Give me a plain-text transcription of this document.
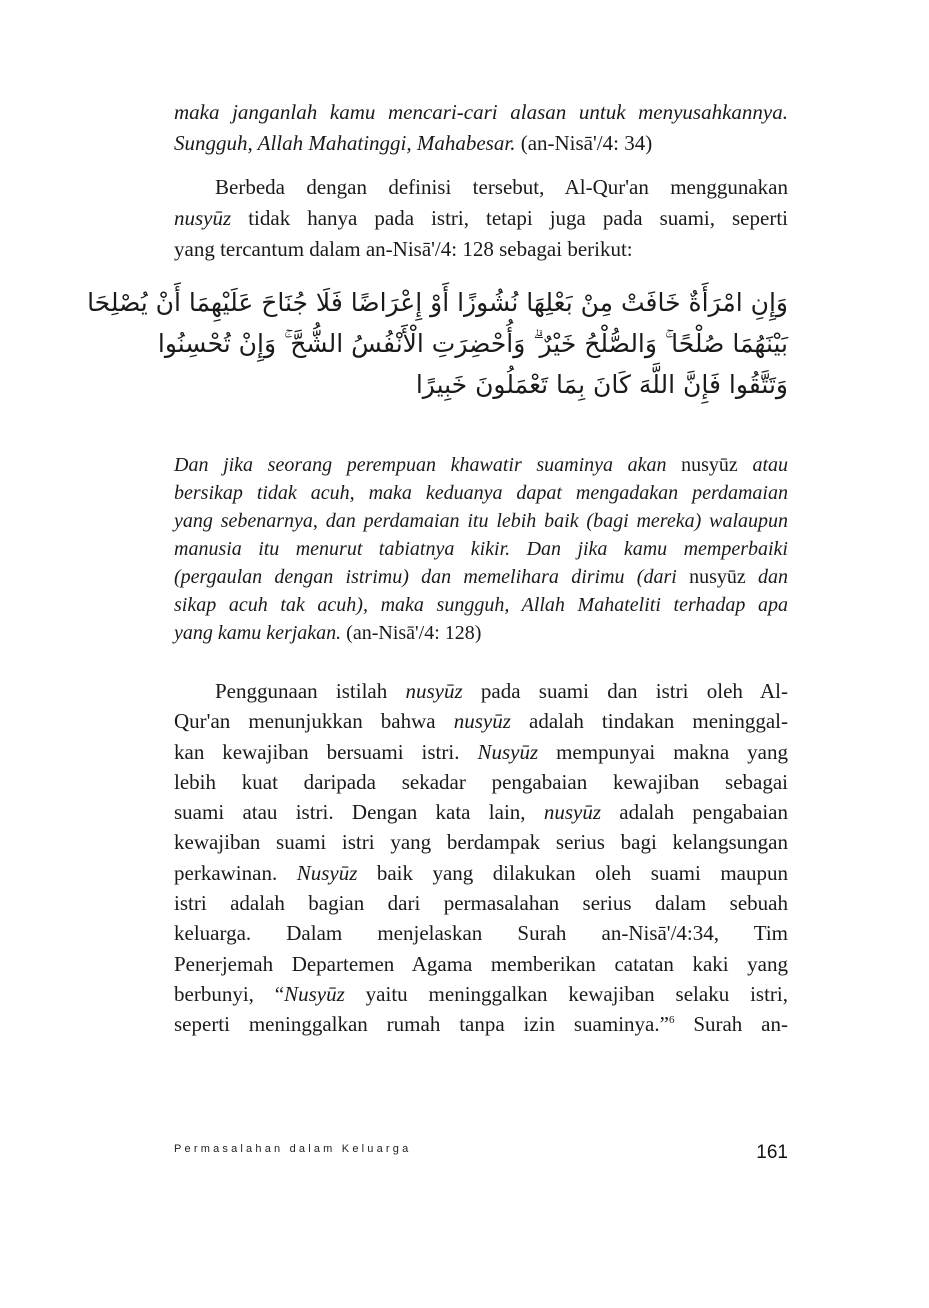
maka janganlah kamu mencari-cari alasan untuk menyusahkannya.
Sungguh, Allah Mahatinggi, Mahabesar. (an-Nisā'/4: 34)
Berbeda dengan definisi tersebut, Al-Qur'an menggunakan
nusyūz tidak hanya pada istri, tetapi juga pada suami, seperti
yang tercantum dalam an-Nisā'/4: 128 sebagai berikut:
وَإِنِ امْرَأَةٌ خَافَتْ مِنْ بَعْلِهَا نُشُوزًا أَوْ إِعْرَاضًا فَلَا جُنَاحَ عَلَيْهِمَا أَنْ يُصْلِحَا
بَيْنَهُمَا صُلْحًا ۚ وَالصُّلْحُ خَيْرٌ ۗ وَأُحْضِرَتِ الْأَنْفُسُ الشُّحَّ ۚ وَإِنْ تُحْسِنُوا
وَتَتَّقُوا فَإِنَّ اللَّهَ كَانَ بِمَا تَعْمَلُونَ خَبِيرًا
Dan jika seorang perempuan khawatir suaminya akan nusyūz atau
bersikap tidak acuh, maka keduanya dapat mengadakan perdamaian
yang sebenarnya, dan perdamaian itu lebih baik (bagi mereka) walaupun
manusia itu menurut tabiatnya kikir. Dan jika kamu memperbaiki
(pergaulan dengan istrimu) dan memelihara dirimu (dari nusyūz dan
sikap acuh tak acuh), maka sungguh, Allah Mahateliti terhadap apa
yang kamu kerjakan. (an-Nisā'/4: 128)
Penggunaan istilah nusyūz pada suami dan istri oleh Al-
Qur'an menunjukkan bahwa nusyūz adalah tindakan meninggal-
kan kewajiban bersuami istri. Nusyūz mempunyai makna yang
lebih kuat daripada sekadar pengabaian kewajiban sebagai
suami atau istri. Dengan kata lain, nusyūz adalah pengabaian
kewajiban suami istri yang berdampak serius bagi kelangsungan
perkawinan. Nusyūz baik yang dilakukan oleh suami maupun
istri adalah bagian dari permasalahan serius dalam sebuah
keluarga. Dalam menjelaskan Surah an-Nisā'/4:34, Tim
Penerjemah Departemen Agama memberikan catatan kaki yang
berbunyi, “Nusyūz yaitu meninggalkan kewajiban selaku istri,
seperti meninggalkan rumah tanpa izin suaminya.”$^6$ Surah an-
Permasalahan dalam Keluarga	161
